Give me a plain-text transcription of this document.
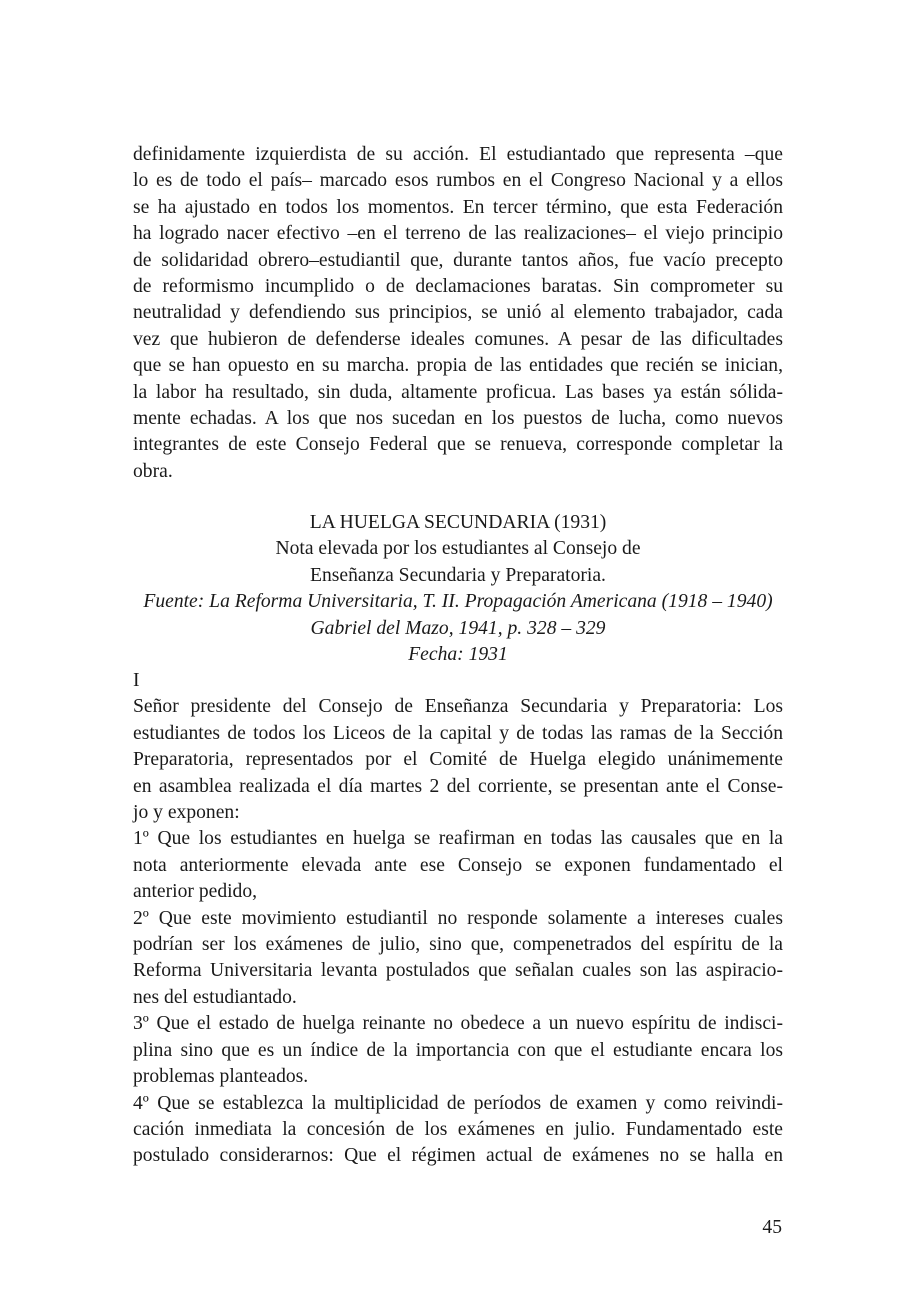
definidamente izquierdista de su acción. El estudiantado que representa –que
lo es de todo el país– marcado esos rumbos en el Congreso Nacional y a ellos
se ha ajustado en todos los momentos. En tercer término, que esta Federación
ha logrado nacer efectivo –en el terreno de las realizaciones– el viejo principio
de solidaridad obrero–estudiantil que, durante tantos años, fue vacío precepto
de reformismo incumplido o de declamaciones baratas. Sin comprometer su
neutralidad y defendiendo sus principios, se unió al elemento trabajador, cada
vez que hubieron de defenderse ideales comunes. A pesar de las dificultades
que se han opuesto en su marcha. propia de las entidades que recién se inician,
la labor ha resultado, sin duda, altamente proficua. Las bases ya están sólida-
mente echadas. A los que nos sucedan en los puestos de lucha, como nuevos
integrantes de este Consejo Federal que se renueva, corresponde completar la
obra.
LA HUELGA SECUNDARIA (1931)
Nota elevada por los estudiantes al Consejo de
Enseñanza Secundaria y Preparatoria.
Fuente: La Reforma Universitaria, T. II. Propagación Americana (1918 – 1940)
Gabriel del Mazo, 1941, p. 328 – 329
Fecha: 1931
I
Señor presidente del Consejo de Enseñanza Secundaria y Preparatoria: Los
estudiantes de todos los Liceos de la capital y de todas las ramas de la Sección
Preparatoria, representados por el Comité de Huelga elegido unánimemente
en asamblea realizada el día martes 2 del corriente, se presentan ante el Conse-
jo y exponen:
1º Que los estudiantes en huelga se reafirman en todas las causales que en la
nota anteriormente elevada ante ese Consejo se exponen fundamentado el
anterior pedido,
2º Que este movimiento estudiantil no responde solamente a intereses cuales
podrían ser los exámenes de julio, sino que, compenetrados del espíritu de la
Reforma Universitaria levanta postulados que señalan cuales son las aspiracio-
nes del estudiantado.
3º Que el estado de huelga reinante no obedece a un nuevo espíritu de indisci-
plina sino que es un índice de la importancia con que el estudiante encara los
problemas planteados.
4º Que se establezca la multiplicidad de períodos de examen y como reivindi-
cación inmediata la concesión de los exámenes en julio. Fundamentado este
postulado considerarnos: Que el régimen actual de exámenes no se halla en
45
